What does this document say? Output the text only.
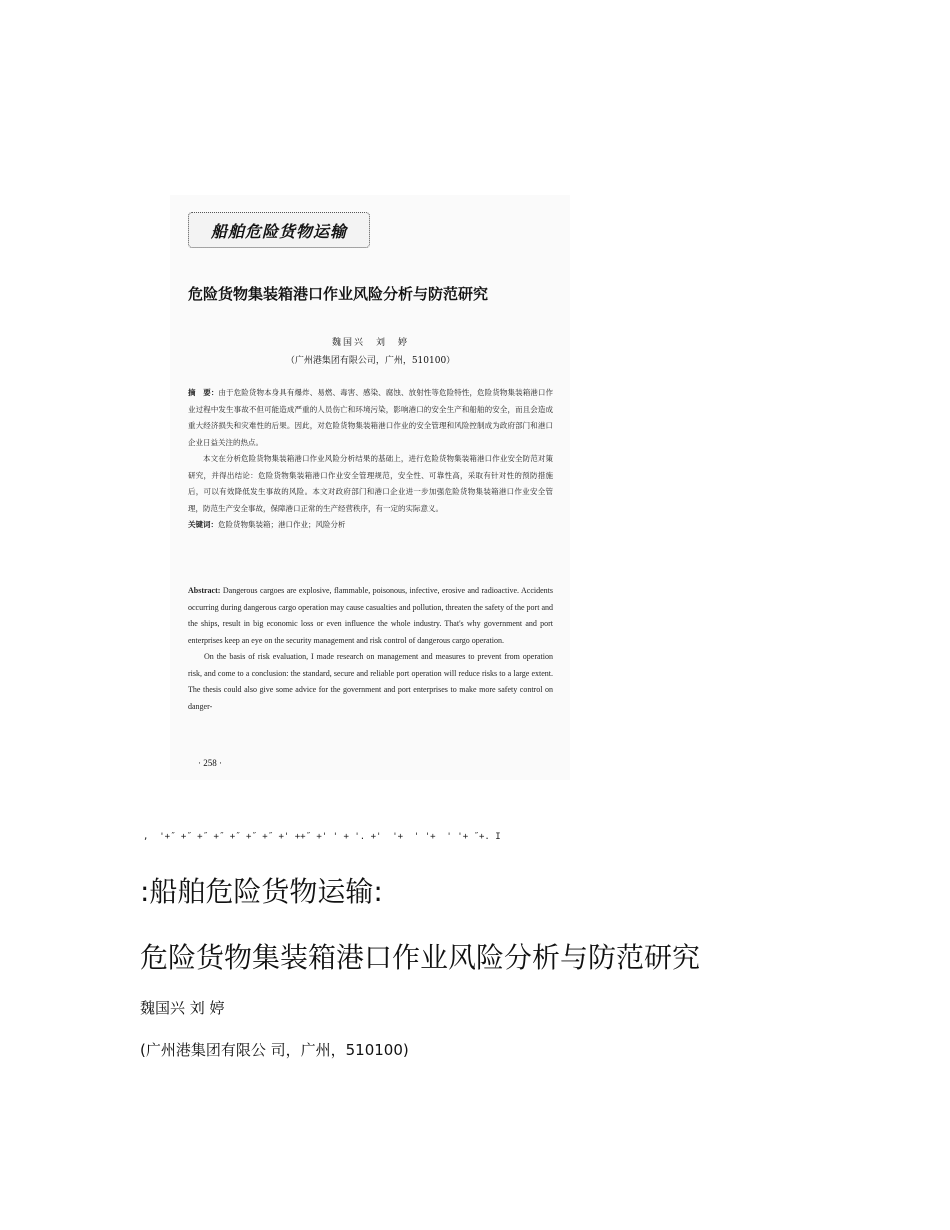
船舶危险货物运输
危险货物集装箱港口作业风险分析与防范研究
魏国兴　刘　婷
（广州港集团有限公司，广州，510100）

摘　要：由于危险货物本身具有爆炸、易燃、毒害、感染、腐蚀、放射性等危险特性，危险货物集装箱港口作业过程中发生事故不但可能造成严重的人员伤亡和环境污染，影响港口的安全生产和船舶的安全，而且会造成重大经济损失和灾难性的后果。因此，对危险货物集装箱港口作业的安全管理和风险控制成为政府部门和港口企业日益关注的热点。

本文在分析危险货物集装箱港口作业风险分析结果的基础上，进行危险货物集装箱港口作业安全防范对策研究，并得出结论：危险货物集装箱港口作业安全管理规范，安全性、可靠性高，采取有针对性的预防措施后，可以有效降低发生事故的风险。本文对政府部门和港口企业进一步加强危险货物集装箱港口作业安全管理，防范生产安全事故，保障港口正常的生产经营秩序，有一定的实际意义。

关键词：危险货物集装箱；港口作业；风险分析

Abstract: Dangerous cargoes are explosive, flammable, poisonous, infective, erosive and radioactive. Accidents occurring during dangerous cargo operation may cause casualties and pollution, threaten the safety of the port and the ships, result in big economic loss or even influence the whole industry. That's why government and port enterprises keep an eye on the security management and risk control of dangerous cargo operation.

On the basis of risk evaluation, I made research on management and measures to prevent from operation risk, and come to a conclusion: the standard, secure and reliable port operation will reduce risks to a large extent. The thesis could also give some advice for the government and port enterprises to make more safety control on danger-

· 258 ·
,  '+˝ +˝ +˝ +˝ +˝ +˝ +˝ +' ++˝ +' ' + '. +'  '+  ' '+  ' '+ ˝+. I
:船舶危险货物运输:
危险货物集装箱港口作业风险分析与防范研究
魏国兴 刘 婷
(广州港集团有限公 司，广州，510100)
